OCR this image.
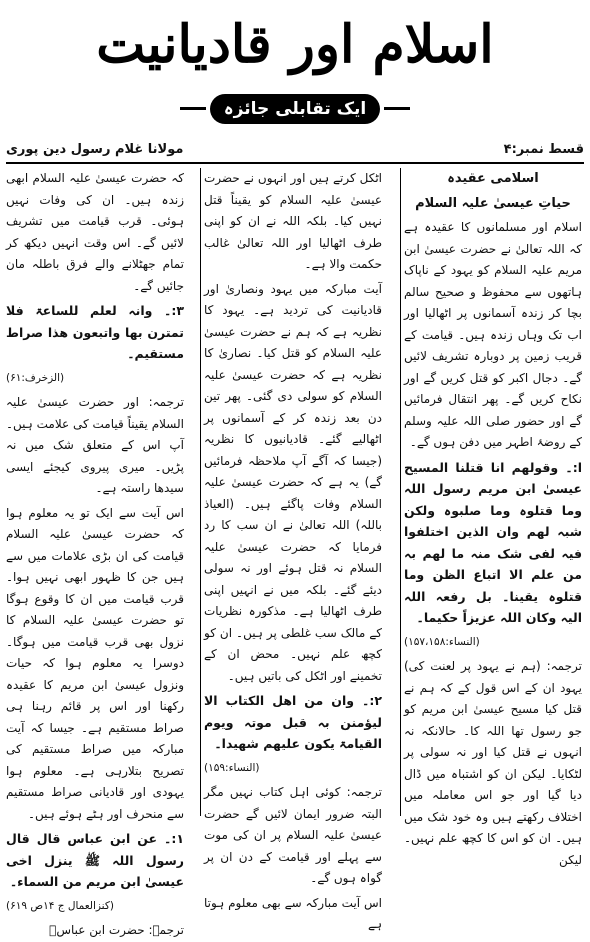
اسلام اور قادیانیت
ایک تقابلی جائزہ
قسط نمبر:۴
مولانا غلام رسول دین پوری

اسلامی عقیدہ

حیاتِ عیسیٰ علیہ السلام

اسلام اور مسلمانوں کا عقیدہ ہے کہ اللہ تعالیٰ نے حضرت عیسیٰ ابن مریم علیہ السلام کو یہود کے ناپاک ہاتھوں سے محفوظ و صحیح سالم بچا کر زندہ آسمانوں پر اٹھالیا اور اب تک وہاں زندہ ہیں۔ قیامت کے قریب زمین پر دوبارہ تشریف لائیں گے۔ دجال اکبر کو قتل کریں گے اور نکاح کریں گے۔ پھر انتقال فرمائیں گے اور حضور صلی اللہ علیہ وسلم کے روضۂ اطہر میں دفن ہوں گے۔

ا:۔ وقولھم انا قتلنا المسیح عیسیٰ ابن مریم رسول اللہ وما قتلوہ وما صلبوہ ولکن شبہ لھم وان الذین اختلفوا فیہ لفی شک منہ ما لھم بہ من علم الا اتباع الظن وما قتلوہ یقینا۔ بل رفعہ اللہ الیہ وکان اللہ عزیزاً حکیما۔

(النساء:۱۵۷،۱۵۸)

ترجمہ: (ہم نے یہود پر لعنت کی) یہود ان کے اس قول کے کہ ہم نے قتل کیا مسیح عیسیٰ ابن مریم کو جو رسول تھا اللہ کا۔ حالانکہ نہ انہوں نے قتل کیا اور نہ سولی پر لٹکایا۔ لیکن ان کو اشتباہ میں ڈال دیا گیا اور جو اس معاملہ میں اختلاف رکھتے ہیں وہ خود شک میں ہیں۔ ان کو اس کا کچھ علم نہیں۔ لیکن

اٹکل کرتے ہیں اور انہوں نے حضرت عیسیٰ علیہ السلام کو یقیناً قتل نہیں کیا۔ بلکہ اللہ نے ان کو اپنی طرف اٹھالیا اور اللہ تعالیٰ غالب حکمت والا ہے۔

آیت مبارکہ میں یہود ونصاریٰ اور قادیانیت کی تردید ہے۔ یہود کا نظریہ ہے کہ ہم نے حضرت عیسیٰ علیہ السلام کو قتل کیا۔ نصاریٰ کا نظریہ ہے کہ حضرت عیسیٰ علیہ السلام کو سولی دی گئی۔ پھر تین دن بعد زندہ کر کے آسمانوں پر اٹھالیے گئے۔ قادیانیوں کا نظریہ (جیسا کہ آگے آپ ملاحظہ فرمائیں گے) یہ ہے کہ حضرت عیسیٰ علیہ السلام وفات پاگئے ہیں۔ (العیاذ باللہ) اللہ تعالیٰ نے ان سب کا رد فرمایا کہ حضرت عیسیٰ علیہ السلام نہ قتل ہوئے اور نہ سولی دیئے گئے۔ بلکہ میں نے انہیں اپنی طرف اٹھالیا ہے۔ مذکورہ نظریات کے مالک سب غلطی پر ہیں۔ ان کو کچھ علم نہیں۔ محض ان کے تخمینے اور اٹکل کی باتیں ہیں۔

۲:۔ وان من اھل الکتاب الا لیؤمنن بہ قبل موتہ ویوم القیامۃ یکون علیھم شھیدا۔

(النساء:۱۵۹)

ترجمہ: کوئی اہل کتاب نہیں مگر البتہ ضرور ایمان لائیں گے حضرت عیسیٰ علیہ السلام پر ان کی موت سے پہلے اور قیامت کے دن ان پر گواہ ہوں گے۔

اس آیت مبارکہ سے بھی معلوم ہوتا ہے

کہ حضرت عیسیٰ علیہ السلام ابھی زندہ ہیں۔ ان کی وفات نہیں ہوئی۔ قرب قیامت میں تشریف لائیں گے۔ اس وقت انہیں دیکھ کر تمام جھٹلانے والے فرق باطلہ مان جائیں گے۔

۳:۔ وانہ لعلم للساعۃ فلا تمترن بھا واتبعون ھذا صراط مستقیم۔

(الزخرف:۶۱)

ترجمہ: اور حضرت عیسیٰ علیہ السلام یقیناً قیامت کی علامت ہیں۔ آپ اس کے متعلق شک میں نہ پڑیں۔ میری پیروی کیجئے ایسی سیدھا راستہ ہے۔

اس آیت سے ایک تو یہ معلوم ہوا کہ حضرت عیسیٰ علیہ السلام قیامت کی ان بڑی علامات میں سے ہیں جن کا ظہور ابھی نہیں ہوا۔ قرب قیامت میں ان کا وقوع ہوگا تو حضرت عیسیٰ علیہ السلام کا نزول بھی قرب قیامت میں ہوگا۔ دوسرا یہ معلوم ہوا کہ حیات ونزول عیسیٰ ابن مریم کا عقیدہ رکھنا اور اس پر قائم رہنا ہی صراط مستقیم ہے۔ جیسا کہ آیت مبارکہ میں صراط مستقیم کی تصریح بتلارہی ہے۔ معلوم ہوا یہودی اور قادیانی صراط مستقیم سے منحرف اور ہٹے ہوئے ہیں۔

۱:۔ عن ابن عباس قال قال رسول اللہ ﷺ ینزل اخی عیسیٰ ابن مریم من السماء۔

(کنزالعمال ج ۱۴ص ۶۱۹)

ترجمہ: حضرت ابن عباسؓ
